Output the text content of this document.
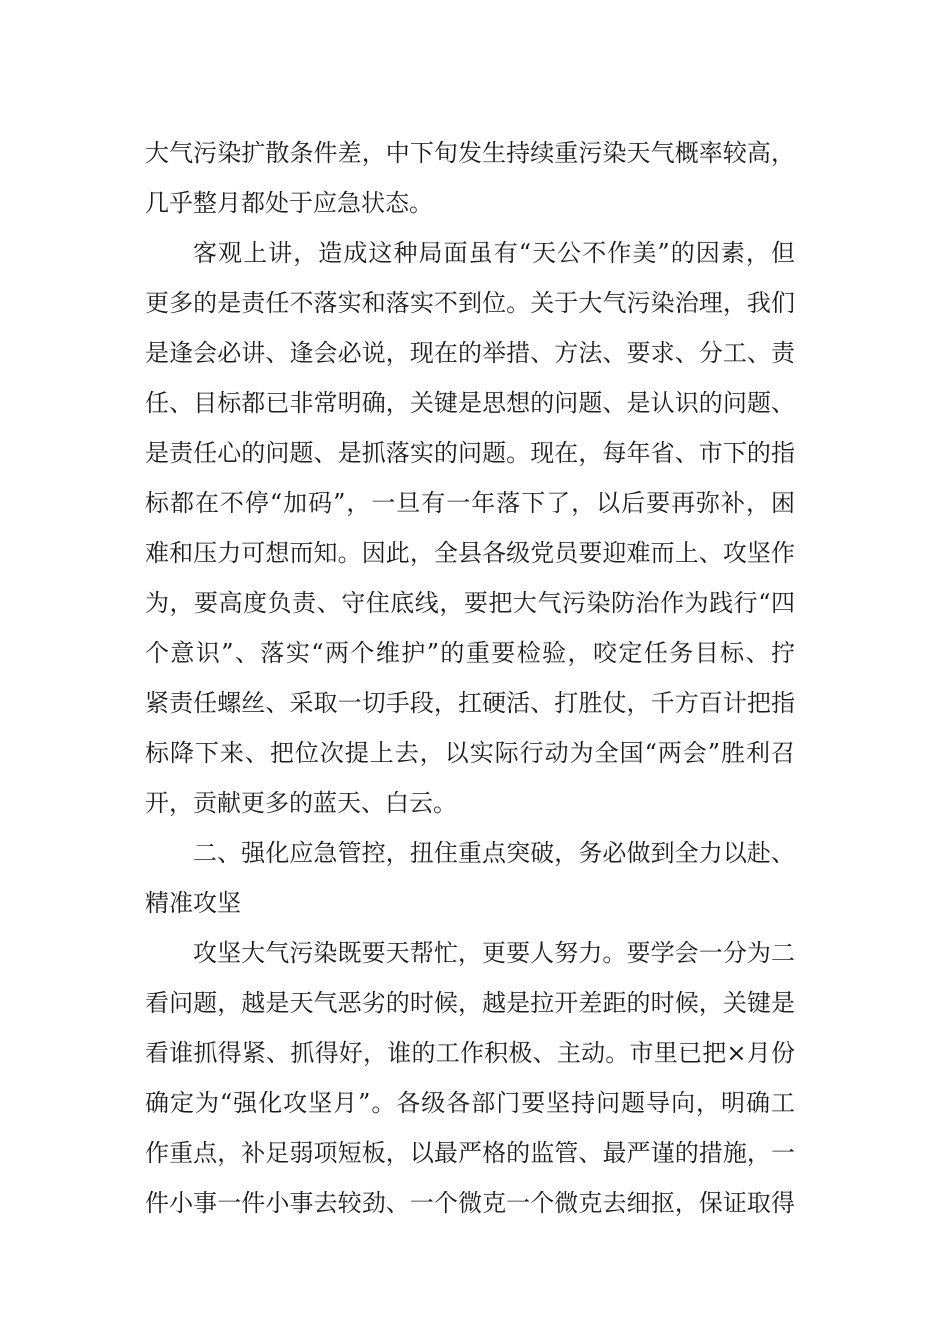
大气污染扩散条件差，中下旬发生持续重污染天气概率较高，
几乎整月都处于应急状态。
客观上讲，造成这种局面虽有“天公不作美”的因素，但
更多的是责任不落实和落实不到位。关于大气污染治理，我们
是逢会必讲、逢会必说，现在的举措、方法、要求、分工、责
任、目标都已非常明确，关键是思想的问题、是认识的问题、
是责任心的问题、是抓落实的问题。现在，每年省、市下的指
标都在不停“加码”，一旦有一年落下了，以后要再弥补，困
难和压力可想而知。因此，全县各级党员要迎难而上、攻坚作
为，要高度负责、守住底线，要把大气污染防治作为践行“四
个意识”、落实“两个维护”的重要检验，咬定任务目标、拧
紧责任螺丝、采取一切手段，扛硬活、打胜仗，千方百计把指
标降下来、把位次提上去，以实际行动为全国“两会”胜利召
开，贡献更多的蓝天、白云。
二、强化应急管控，扭住重点突破，务必做到全力以赴、
精准攻坚
攻坚大气污染既要天帮忙，更要人努力。要学会一分为二
看问题，越是天气恶劣的时候，越是拉开差距的时候，关键是
看谁抓得紧、抓得好，谁的工作积极、主动。市里已把×月份
确定为“强化攻坚月”。各级各部门要坚持问题导向，明确工
作重点，补足弱项短板，以最严格的监管、最严谨的措施，一
件小事一件小事去较劲、一个微克一个微克去细抠，保证取得
